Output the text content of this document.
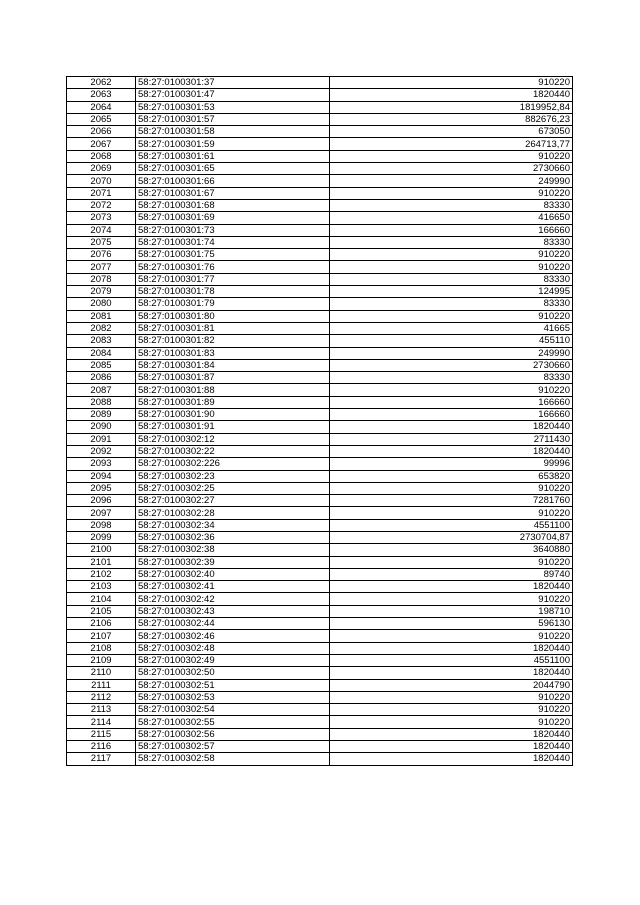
2062	58:27:0100301:37	910220
2063	58:27:0100301:47	1820440
2064	58:27:0100301:53	1819952,84
2065	58:27:0100301:57	882676,23
2066	58:27:0100301:58	673050
2067	58:27:0100301:59	264713,77
2068	58:27:0100301:61	910220
2069	58:27:0100301:65	2730660
2070	58:27:0100301:66	249990
2071	58:27:0100301:67	910220
2072	58:27:0100301:68	83330
2073	58:27:0100301:69	416650
2074	58:27:0100301:73	166660
2075	58:27:0100301:74	83330
2076	58:27:0100301:75	910220
2077	58:27:0100301:76	910220
2078	58:27:0100301:77	83330
2079	58:27:0100301:78	124995
2080	58:27:0100301:79	83330
2081	58:27:0100301:80	910220
2082	58:27:0100301:81	41665
2083	58:27:0100301:82	455110
2084	58:27:0100301:83	249990
2085	58:27:0100301:84	2730660
2086	58:27:0100301:87	83330
2087	58:27:0100301:88	910220
2088	58:27:0100301:89	166660
2089	58:27:0100301:90	166660
2090	58:27:0100301:91	1820440
2091	58:27:0100302:12	2711430
2092	58:27:0100302:22	1820440
2093	58:27:0100302:226	99996
2094	58:27:0100302:23	653820
2095	58:27:0100302:25	910220
2096	58:27:0100302:27	7281760
2097	58:27:0100302:28	910220
2098	58:27:0100302:34	4551100
2099	58:27:0100302:36	2730704,87
2100	58:27:0100302:38	3640880
2101	58:27:0100302:39	910220
2102	58:27:0100302:40	89740
2103	58:27:0100302:41	1820440
2104	58:27:0100302:42	910220
2105	58:27:0100302:43	198710
2106	58:27:0100302:44	596130
2107	58:27:0100302:46	910220
2108	58:27:0100302:48	1820440
2109	58:27:0100302:49	4551100
2110	58:27:0100302:50	1820440
2111	58:27:0100302:51	2044790
2112	58:27:0100302:53	910220
2113	58:27:0100302:54	910220
2114	58:27:0100302:55	910220
2115	58:27:0100302:56	1820440
2116	58:27:0100302:57	1820440
2117	58:27:0100302:58	1820440
